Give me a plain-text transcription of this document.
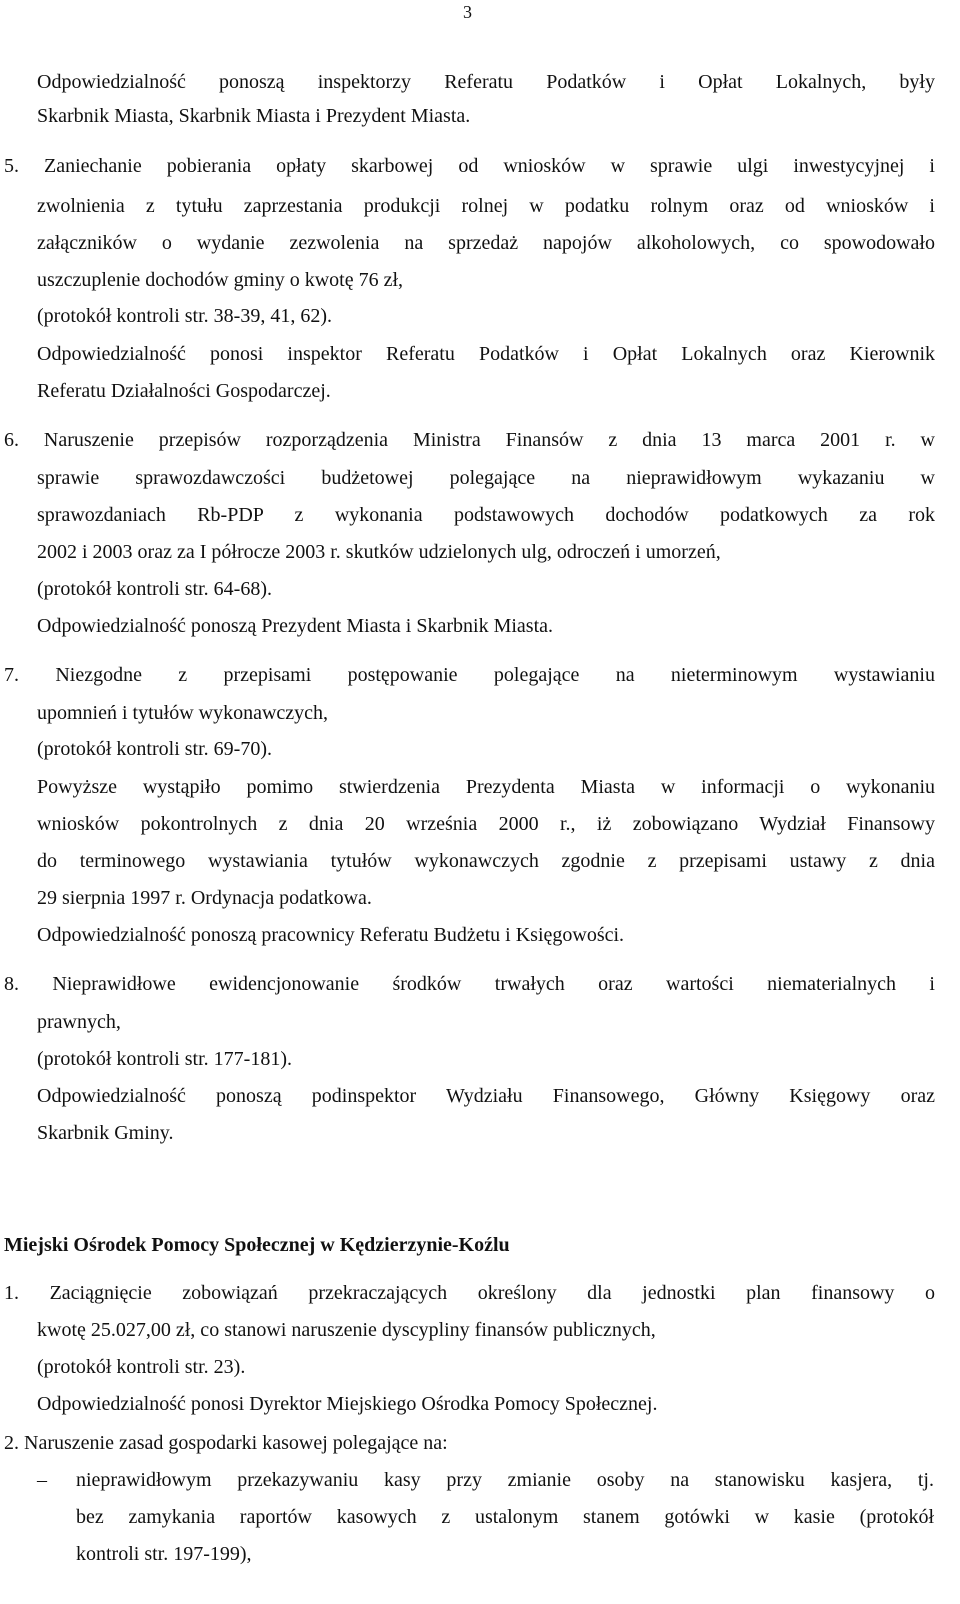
3
Odpowiedzialność ponoszą inspektorzy Referatu Podatków i Opłat Lokalnych, były
Skarbnik Miasta, Skarbnik Miasta i Prezydent Miasta.
5. Zaniechanie pobierania opłaty skarbowej od wniosków w sprawie ulgi inwestycyjnej i
zwolnienia z tytułu zaprzestania produkcji rolnej w podatku rolnym oraz od wniosków i
załączników o wydanie zezwolenia na sprzedaż napojów alkoholowych, co spowodowało
uszczuplenie dochodów gminy o kwotę 76 zł,
(protokół kontroli str. 38-39, 41, 62).
Odpowiedzialność ponosi inspektor Referatu Podatków i Opłat Lokalnych oraz Kierownik
Referatu Działalności Gospodarczej.
6. Naruszenie przepisów rozporządzenia Ministra Finansów z dnia 13 marca 2001 r. w
sprawie sprawozdawczości budżetowej polegające na nieprawidłowym wykazaniu w
sprawozdaniach Rb-PDP z wykonania podstawowych dochodów podatkowych za rok
2002 i 2003 oraz za I półrocze 2003 r. skutków udzielonych ulg, odroczeń i umorzeń,
(protokół kontroli str. 64-68).
Odpowiedzialność ponoszą Prezydent Miasta i Skarbnik Miasta.
7. Niezgodne z przepisami postępowanie polegające na nieterminowym wystawianiu
upomnień i tytułów wykonawczych,
(protokół kontroli str. 69-70).
Powyższe wystąpiło pomimo stwierdzenia Prezydenta Miasta w informacji o wykonaniu
wniosków pokontrolnych z dnia 20 września 2000 r., iż zobowiązano Wydział Finansowy
do terminowego wystawiania tytułów wykonawczych zgodnie z przepisami ustawy z dnia
29 sierpnia 1997 r. Ordynacja podatkowa.
Odpowiedzialność ponoszą pracownicy Referatu Budżetu i Księgowości.
8. Nieprawidłowe ewidencjonowanie środków trwałych oraz wartości niematerialnych i
prawnych,
(protokół kontroli str. 177-181).
Odpowiedzialność ponoszą podinspektor Wydziału Finansowego, Główny Księgowy oraz
Skarbnik Gminy.
Miejski Ośrodek Pomocy Społecznej w Kędzierzynie-Koźlu
1. Zaciągnięcie zobowiązań przekraczających określony dla jednostki plan finansowy o
kwotę 25.027,00 zł, co stanowi naruszenie dyscypliny finansów publicznych,
(protokół kontroli str. 23).
Odpowiedzialność ponosi Dyrektor Miejskiego Ośrodka Pomocy Społecznej.
2. Naruszenie zasad gospodarki kasowej polegające na:
– nieprawidłowym przekazywaniu kasy przy zmianie osoby na stanowisku kasjera, tj.
bez zamykania raportów kasowych z ustalonym stanem gotówki w kasie (protokół
kontroli str. 197-199),
